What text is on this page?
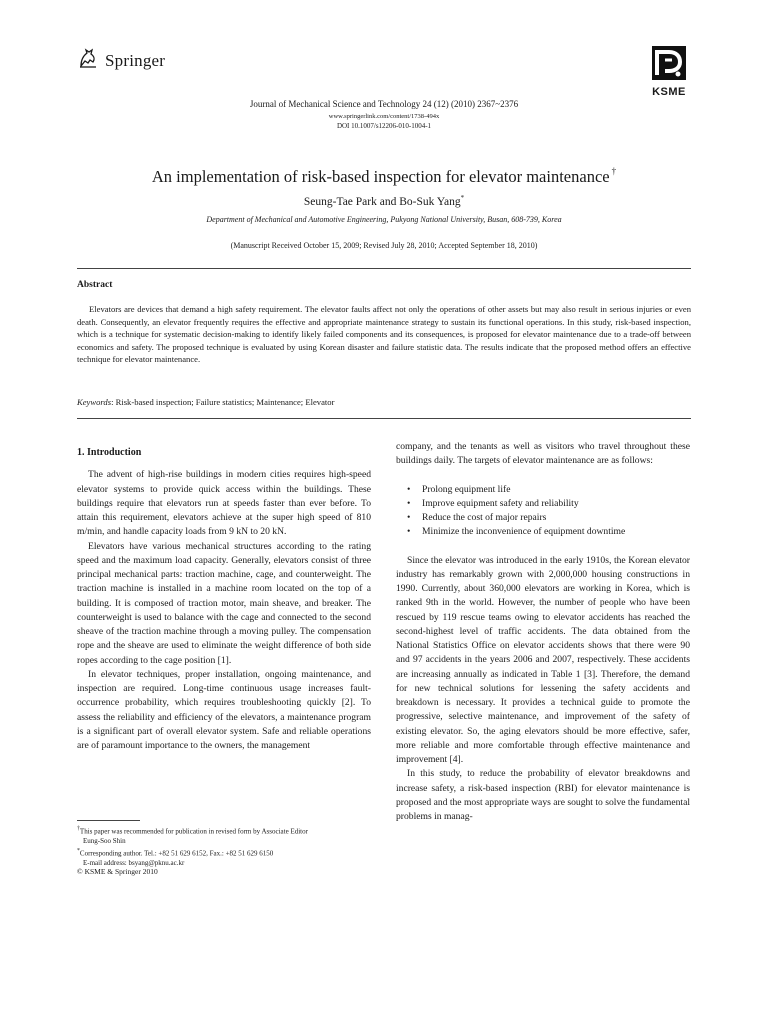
Springer
KSME
Journal of Mechanical Science and Technology 24 (12) (2010) 2367~2376
www.springerlink.com/content/1738-494x
DOI 10.1007/s12206-010-1004-1
An implementation of risk-based inspection for elevator maintenance †
Seung-Tae Park and Bo-Suk Yang*
Department of Mechanical and Automotive Engineering, Pukyong National University, Busan, 608-739, Korea
(Manuscript Received October 15, 2009; Revised July 28, 2010; Accepted September 18, 2010)
Abstract
Elevators are devices that demand a high safety requirement. The elevator faults affect not only the operations of other assets but may also result in serious injuries or even death. Consequently, an elevator frequently requires the effective and appropriate maintenance strategy to sustain its functional operations. In this study, risk-based inspection, which is a technique for systematic decision-making to identify likely failed components and its consequences, is proposed for elevator maintenance due to a trade-off between economics and safety. The proposed technique is evaluated by using Korean disaster and failure statistic data. The results indicate that the proposed method offers an effective technique for elevator maintenance.
Keywords: Risk-based inspection; Failure statistics; Maintenance; Elevator
1. Introduction

The advent of high-rise buildings in modern cities requires high-speed elevator systems to provide quick access within the buildings. These buildings require that elevators run at speeds faster than ever before. To attain this requirement, elevators achieve at the super high speed of 810 m/min, and handle capacity loads from 9 kN to 20 kN.

Elevators have various mechanical structures according to the rating speed and the maximum load capacity. Generally, elevators consist of three principal mechanical parts: traction machine, cage, and counterweight. The traction machine is installed in a machine room located on the top of a building. It is composed of traction motor, main sheave, and breaker. The counterweight is used to balance with the cage and connected to the second sheave of the traction machine through a moving pulley. The compensation rope and the sheave are used to eliminate the weight difference of both side ropes according to the cage position [1].

In elevator techniques, proper installation, ongoing maintenance, and inspection are required. Long-time continuous usage increases fault-occurrence probability, which requires troubleshooting quickly [2]. To assess the reliability and efficiency of the elevators, a maintenance program is a significant part of overall elevator system. Safe and reliable operations are of paramount importance to the owners, the management

company, and the tenants as well as visitors who travel throughout these buildings daily. The targets of elevator maintenance are as follows:

• Prolong equipment life
• Improve equipment safety and reliability
• Reduce the cost of major repairs
• Minimize the inconvenience of equipment downtime

Since the elevator was introduced in the early 1910s, the Korean elevator industry has remarkably grown with 2,000,000 housing constructions in 1990. Currently, about 360,000 elevators are working in Korea, which is ranked 9th in the world. However, the number of people who have been rescued by 119 rescue teams owing to elevator accidents has reached the second-highest level of traffic accidents. The data obtained from the National Statistics Office on elevator accidents shows that there were 90 and 97 accidents in the years 2006 and 2007, respectively. These accidents are increasing annually as indicated in Table 1 [3]. Therefore, the demand for new technical solutions for lessening the safety accidents and breakdown is necessary. It provides a technical guide to promote the progressive, selective maintenance, and improvement of the safety of existing elevator. So, the aging elevators should be more effective, safer, more reliable and more comfortable through effective maintenance and improvement [4].

In this study, to reduce the probability of elevator breakdowns and increase safety, a risk-based inspection (RBI) for elevator maintenance is proposed and the most appropriate ways are sought to solve the fundamental problems in manag-

†This paper was recommended for publication in revised form by Associate Editor
Eung-Soo Shin
*Corresponding author. Tel.: +82 51 629 6152, Fax.: +82 51 629 6150
E-mail address: bsyang@pknu.ac.kr
© KSME & Springer 2010
